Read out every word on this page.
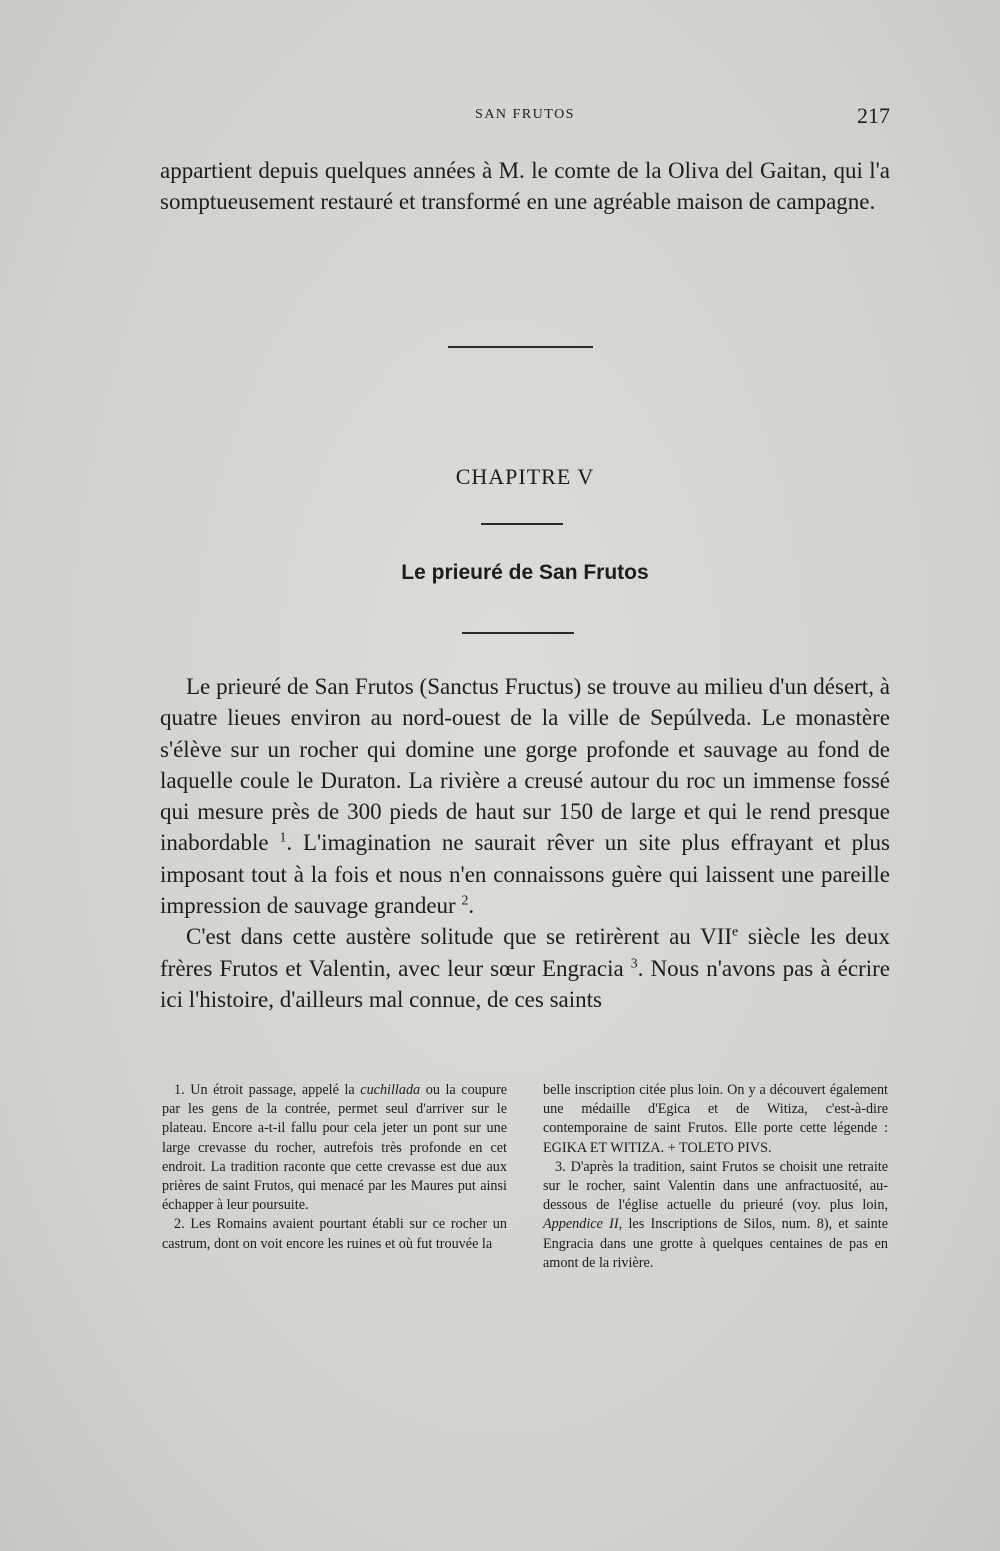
SAN FRUTOS	217

appartient depuis quelques années à M. le comte de la Oliva del Gaitan, qui l'a somptueusement restauré et transformé en une agréable maison de campagne.

CHAPITRE V
Le prieuré de San Frutos

Le prieuré de San Frutos (Sanctus Fructus) se trouve au milieu d'un désert, à quatre lieues environ au nord-ouest de la ville de Sepúlveda. Le monastère s'élève sur un rocher qui domine une gorge profonde et sauvage au fond de laquelle coule le Duraton. La rivière a creusé autour du roc un immense fossé qui mesure près de 300 pieds de haut sur 150 de large et qui le rend presque inabordable $^1$. L'imagination ne saurait rêver un site plus effrayant et plus imposant tout à la fois et nous n'en connaissons guère qui laissent une pareille impression de sauvage grandeur $^2$.

C'est dans cette austère solitude que se retirèrent au VIIe siècle les deux frères Frutos et Valentin, avec leur sœur Engracia $^3$. Nous n'avons pas à écrire ici l'histoire, d'ailleurs mal connue, de ces saints

1. Un étroit passage, appelé la cuchillada ou la coupure par les gens de la contrée, permet seul d'arriver sur le plateau. Encore a-t-il fallu pour cela jeter un pont sur une large crevasse du rocher, autrefois très profonde en cet endroit. La tradition raconte que cette crevasse est due aux prières de saint Frutos, qui menacé par les Maures put ainsi échapper à leur poursuite.

2. Les Romains avaient pourtant établi sur ce rocher un castrum, dont on voit encore les ruines et où fut trouvée la

belle inscription citée plus loin. On y a découvert également une médaille d'Egica et de Witiza, c'est-à-dire contemporaine de saint Frutos. Elle porte cette légende : EGIKA ET WITIZA. + TOLETO PIVS.

3. D'après la tradition, saint Frutos se choisit une retraite sur le rocher, saint Valentin dans une anfractuosité, au-dessous de l'église actuelle du prieuré (voy. plus loin, Appendice II, les Inscriptions de Silos, num. 8), et sainte Engracia dans une grotte à quelques centaines de pas en amont de la rivière.
